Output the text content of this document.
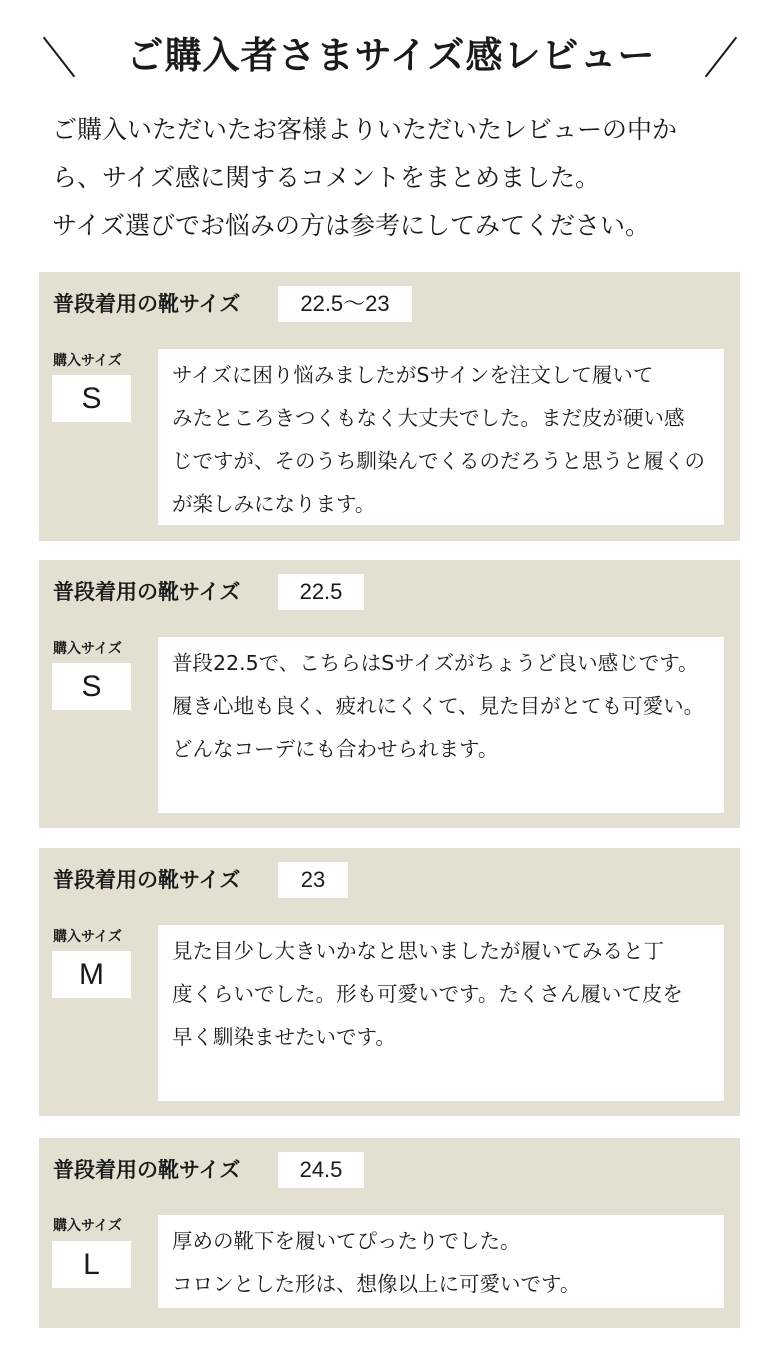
ご購入者さまサイズ感レビュー

ご購入いただいたお客様よりいただいたレビューの中か

ら、サイズ感に関するコメントをまとめました。

サイズ選びでお悩みの方は参考にしてみてください。

普段着用の靴サイズ	22.5〜23
購入サイズ
S

サイズに困り悩みましたがSサインを注文して履いて

みたところきつくもなく大丈夫でした。まだ皮が硬い感

じですが、そのうち馴染んでくるのだろうと思うと履くの

が楽しみになります。

22.5
普段着用の靴サイズ
購入サイズ
S

普段22.5で、こちらはSサイズがちょうど良い感じです。

履き心地も良く、疲れにくくて、見た目がとても可愛い。

どんなコーデにも合わせられます。

23
普段着用の靴サイズ
購入サイズ
M

見た目少し大きいかなと思いましたが履いてみると丁

度くらいでした。形も可愛いです。たくさん履いて皮を

早く馴染ませたいです。

24.5
普段着用の靴サイズ
購入サイズ
L

厚めの靴下を履いてぴったりでした。

コロンとした形は、想像以上に可愛いです。
